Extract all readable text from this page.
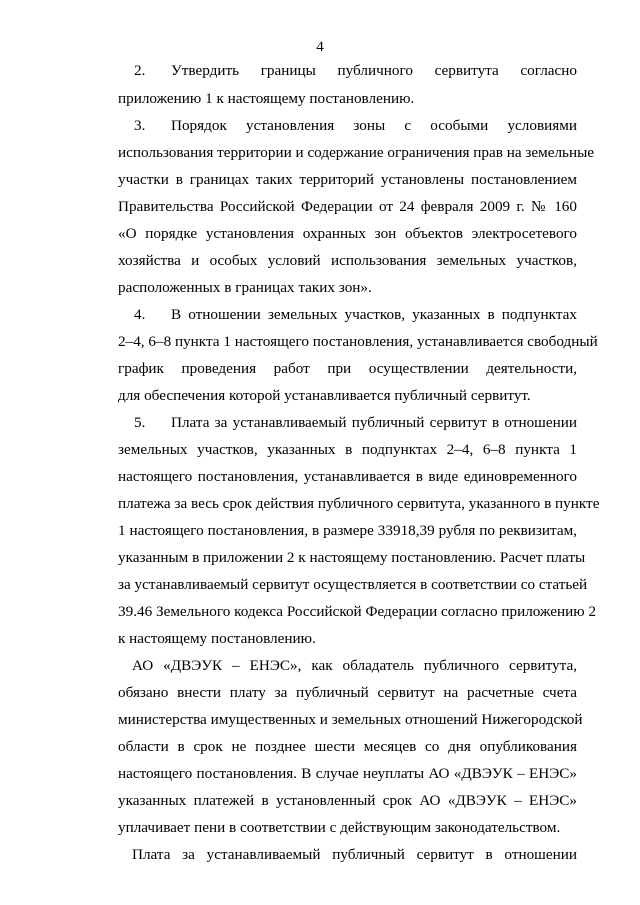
4
2. Утвердить границы публичного сервитута согласно
приложению 1 к настоящему постановлению.
3. Порядок установления зоны с особыми условиями
использования территории и содержание ограничения прав на земельные
участки в границах таких территорий установлены постановлением
Правительства Российской Федерации от 24 февраля 2009 г. № 160
«О порядке установления охранных зон объектов электросетевого
хозяйства и особых условий использования земельных участков,
расположенных в границах таких зон».
4. В отношении земельных участков, указанных в подпунктах
2–4, 6–8 пункта 1 настоящего постановления, устанавливается свободный
график проведения работ при осуществлении деятельности,
для обеспечения которой устанавливается публичный сервитут.
5. Плата за устанавливаемый публичный сервитут в отношении
земельных участков, указанных в подпунктах 2–4, 6–8 пункта 1
настоящего постановления, устанавливается в виде единовременного
платежа за весь срок действия публичного сервитута, указанного в пункте
1 настоящего постановления, в размере 33918,39 рубля по реквизитам,
указанным в приложении 2 к настоящему постановлению. Расчет платы
за устанавливаемый сервитут осуществляется в соответствии со статьей
39.46 Земельного кодекса Российской Федерации согласно приложению 2
к настоящему постановлению.
АО «ДВЭУК – ЕНЭС», как обладатель публичного сервитута,
обязано внести плату за публичный сервитут на расчетные счета
министерства имущественных и земельных отношений Нижегородской
области в срок не позднее шести месяцев со дня опубликования
настоящего постановления. В случае неуплаты АО «ДВЭУК – ЕНЭС»
указанных платежей в установленный срок АО «ДВЭУК – ЕНЭС»
уплачивает пени в соответствии с действующим законодательством.
Плата за устанавливаемый публичный сервитут в отношении
